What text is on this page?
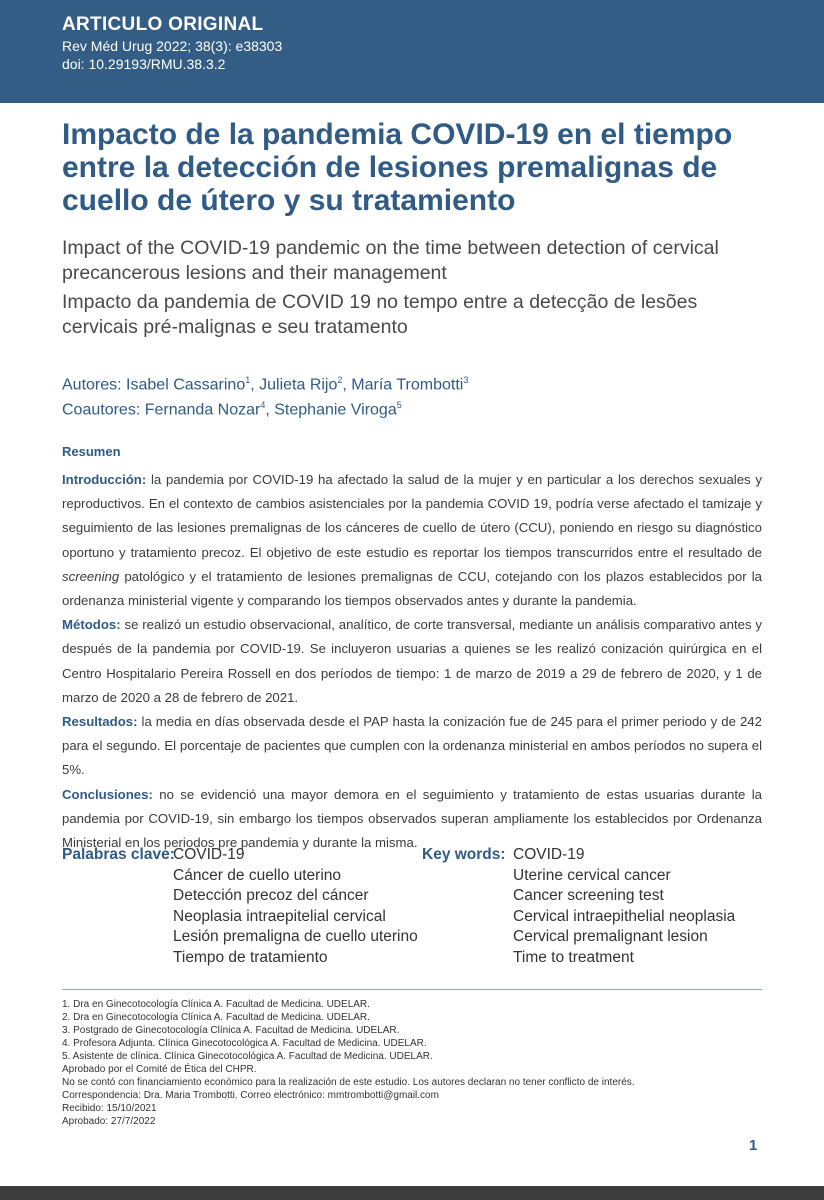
ARTICULO ORIGINAL
Rev Méd Urug 2022; 38(3): e38303
doi: 10.29193/RMU.38.3.2
Impacto de la pandemia COVID-19 en el tiempo entre la detección de lesiones premalignas de cuello de útero y su tratamiento
Impact of the COVID-19 pandemic on the time between detection of cervical precancerous lesions and their management
Impacto da pandemia de COVID 19 no tempo entre a detecção de lesões cervicais pré-malignas e seu tratamento
Autores: Isabel Cassarino$^1$, Julieta Rijo$^2$, María Trombotti$^3$
Coautores: Fernanda Nozar$^4$, Stephanie Viroga$^5$
Resumen

Introducción: la pandemia por COVID-19 ha afectado la salud de la mujer y en particular a los derechos sexuales y reproductivos. En el contexto de cambios asistenciales por la pandemia COVID 19, podría verse afectado el tamizaje y seguimiento de las lesiones premalignas de los cánceres de cuello de útero (CCU), poniendo en riesgo su diagnóstico oportuno y tratamiento precoz. El objetivo de este estudio es reportar los tiempos transcurridos entre el resultado de screening patológico y el tratamiento de lesiones premalignas de CCU, cotejando con los plazos establecidos por la ordenanza ministerial vigente y comparando los tiempos observados antes y durante la pandemia.

Métodos: se realizó un estudio observacional, analítico, de corte transversal, mediante un análisis comparativo antes y después de la pandemia por COVID-19. Se incluyeron usuarias a quienes se les realizó conización quirúrgica en el Centro Hospitalario Pereira Rossell en dos períodos de tiempo: 1 de marzo de 2019 a 29 de febrero de 2020, y 1 de marzo de 2020 a 28 de febrero de 2021.

Resultados: la media en días observada desde el PAP hasta la conización fue de 245 para el primer periodo y de 242 para el segundo. El porcentaje de pacientes que cumplen con la ordenanza ministerial en ambos períodos no supera el 5%.

Conclusiones: no se evidenció una mayor demora en el seguimiento y tratamiento de estas usuarias durante la pandemia por COVID-19, sin embargo los tiempos observados superan ampliamente los establecidos por Ordenanza Ministerial en los periodos pre pandemia y durante la misma.

Palabras clave:
COVID-19
Cáncer de cuello uterino
Detección precoz del cáncer
Neoplasia intraepitelial cervical
Lesión premaligna de cuello uterino
Tiempo de tratamiento
Key words: COVID-19
Uterine cervical cancer
Cancer screening test
Cervical intraepithelial neoplasia
Cervical premalignant lesion
Time to treatment
1. Dra en Ginecotocología Clínica A. Facultad de Medicina. UDELAR.
2. Dra en Ginecotocología Clínica A. Facultad de Medicina. UDELAR.
3. Postgrado de Ginecotocología Clínica A. Facultad de Medicina. UDELAR.
4. Profesora Adjunta. Clínica Ginecotocológica A. Facultad de Medicina. UDELAR.
5. Asistente de clínica. Clínica Ginecotocológica A. Facultad de Medicina. UDELAR.
Aprobado por el Comité de Ética del CHPR.
No se contó con financiamiento económico para la realización de este estudio. Los autores declaran no tener conflicto de interés.
Correspondencia: Dra. Maria Trombotti. Correo electrónico: mmtrombotti@gmail.com
Recibido: 15/10/2021
Aprobado: 27/7/2022
1
